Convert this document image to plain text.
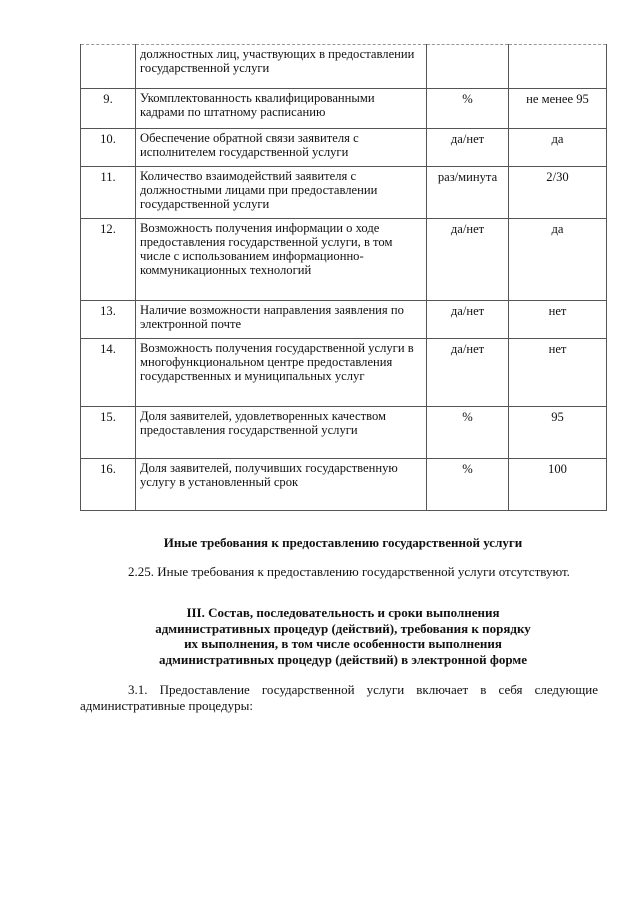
	должностных лиц, участвующих в предоставлении государственной услуги		
9.	Укомплектованность квалифицированными кадрами по штатному расписанию	%	не менее 95
10.	Обеспечение обратной связи заявителя с исполнителем государственной услуги	да/нет	да
11.	Количество взаимодействий заявителя с должностными лицами при предоставлении государственной услуги	раз/минута	2/30
12.	Возможность получения информации о ходе предоставления государственной услуги, в том числе с использованием информационно-коммуникационных технологий	да/нет	да
13.	Наличие возможности направления заявления по электронной почте	да/нет	нет
14.	Возможность получения государственной услуги в многофункциональном центре предоставления государственных и муниципальных услуг	да/нет	нет
15.	Доля заявителей, удовлетворенных качеством предоставления государственной услуги	%	95
16.	Доля заявителей, получивших государственную услугу в установленный срок	%	100
Иные требования к предоставлению государственной услуги
2.25. Иные требования к предоставлению государственной услуги отсутствуют.
III. Состав, последовательность и сроки выполнения
административных процедур (действий), требования к порядку
их выполнения, в том числе особенности выполнения
административных процедур (действий) в электронной форме
3.1. Предоставление государственной услуги включает в себя следующие административные процедуры:
